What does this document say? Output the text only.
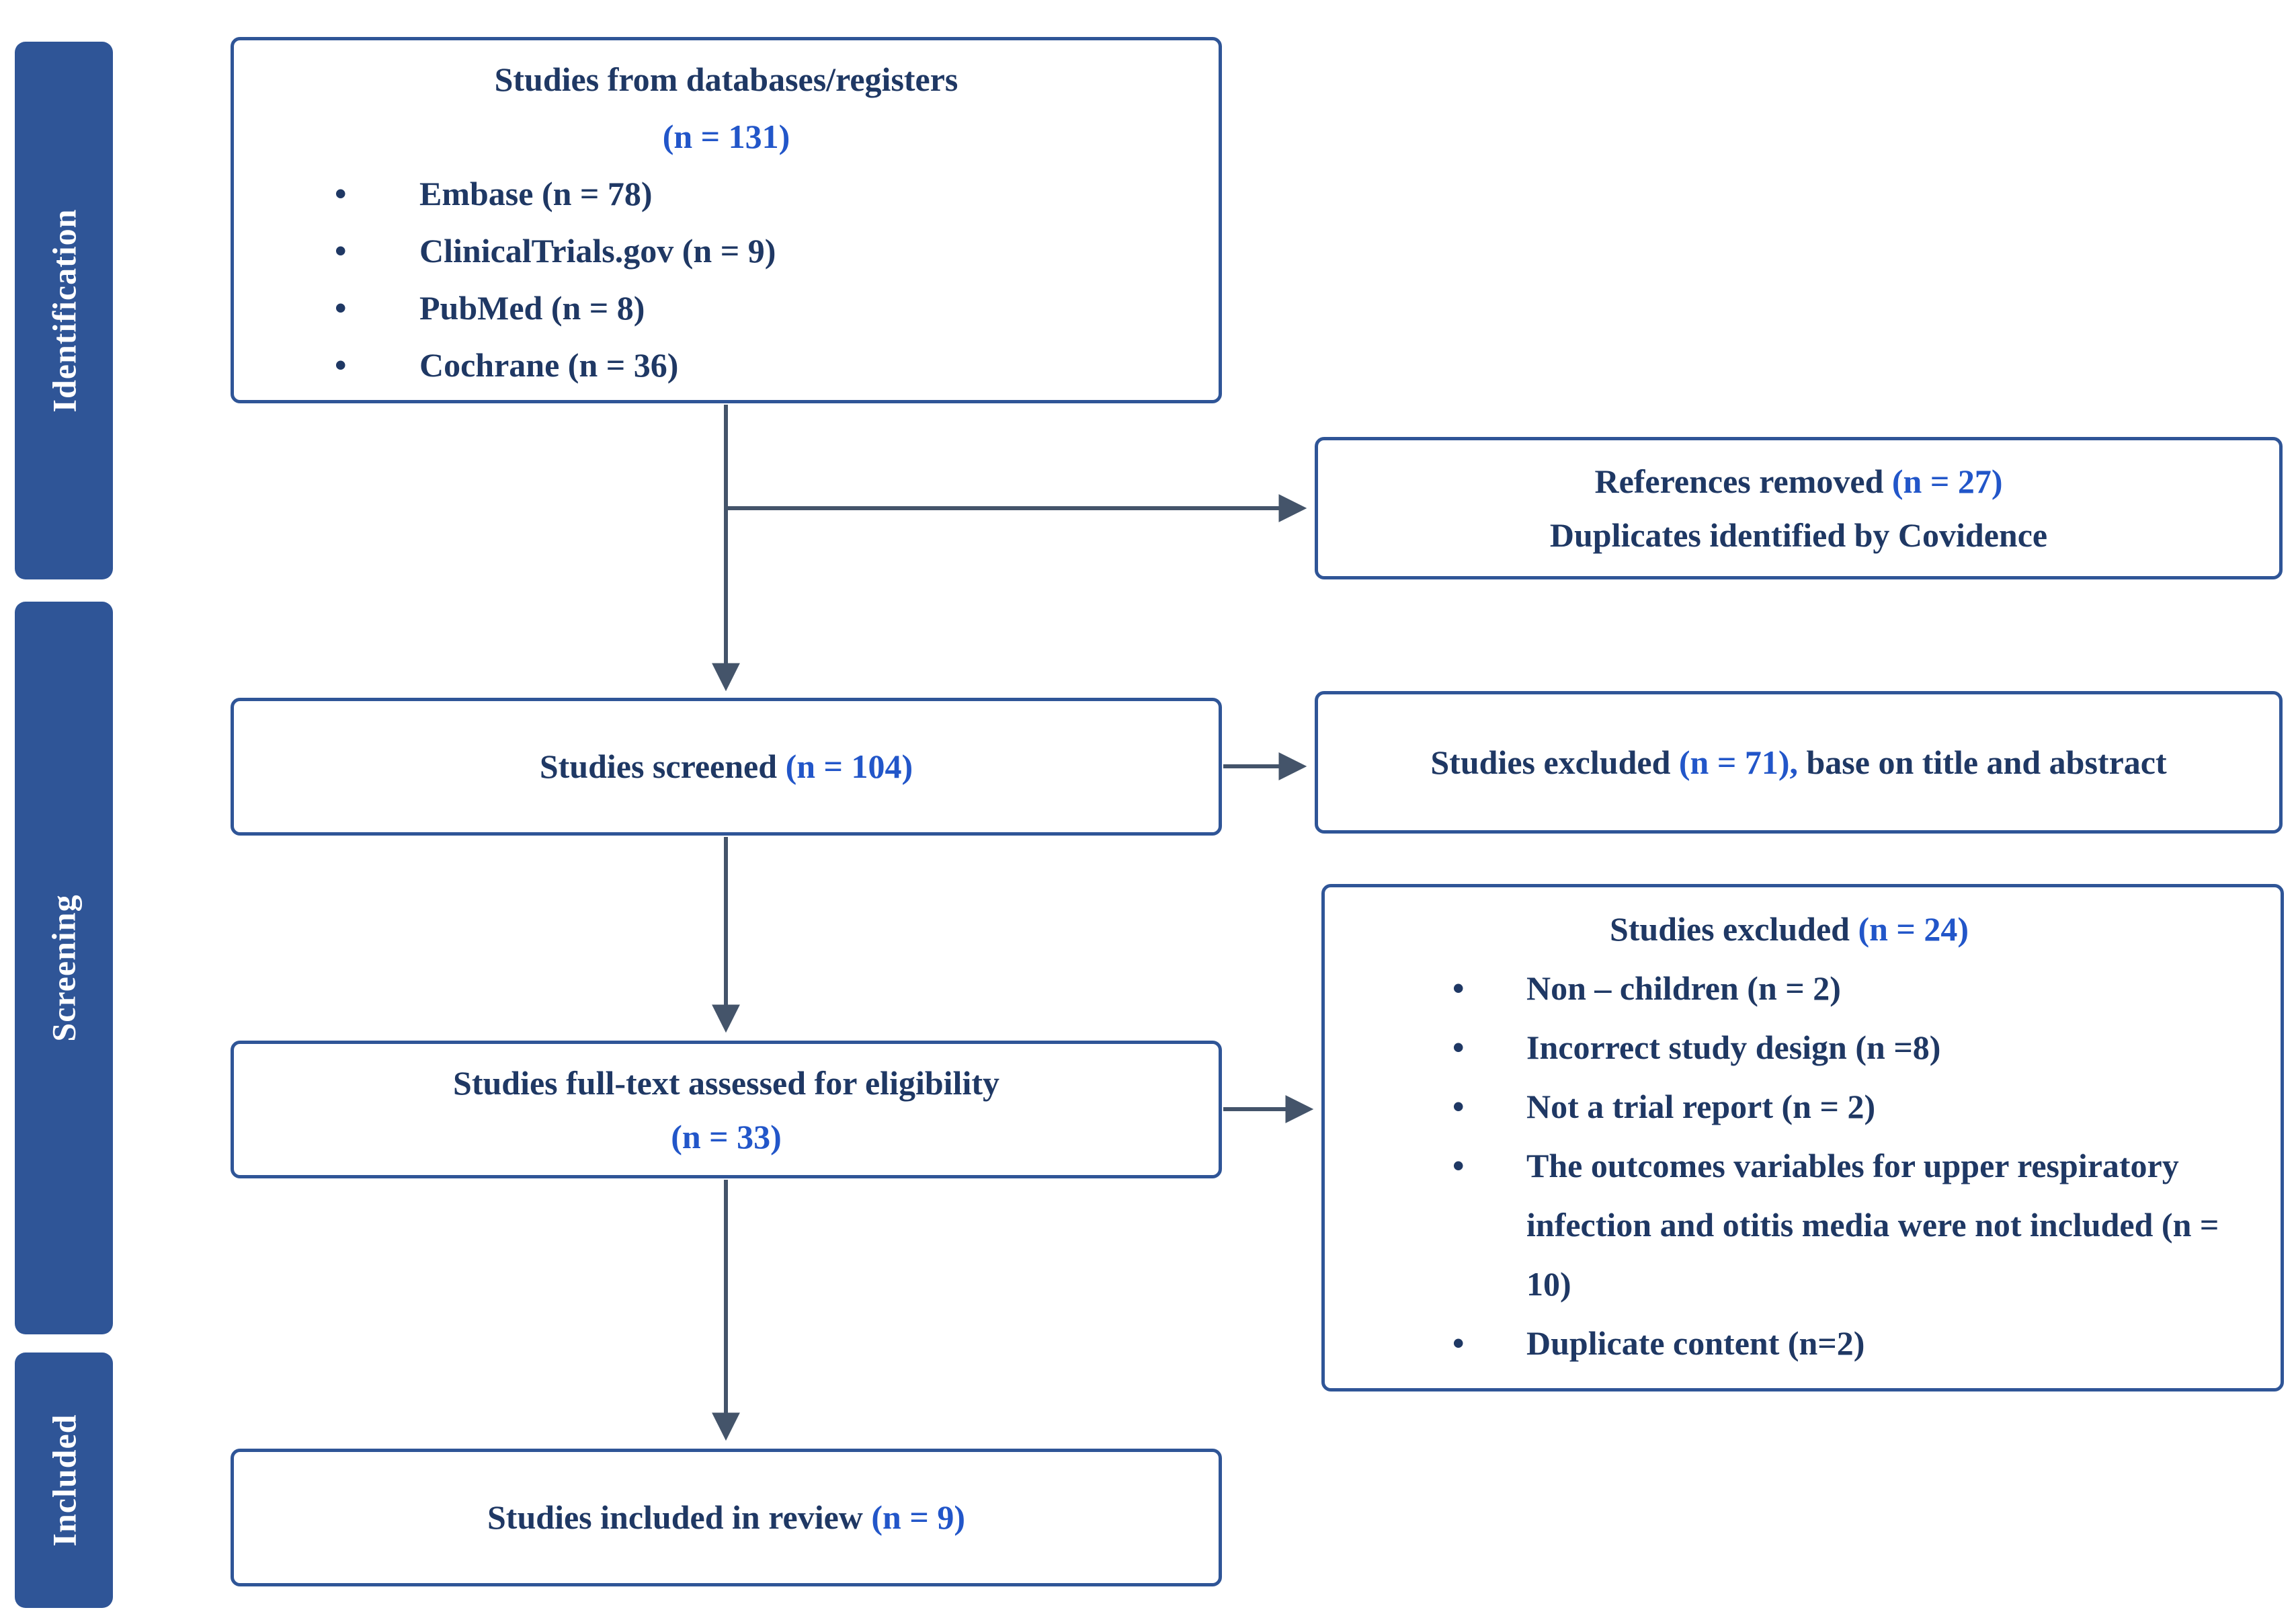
Identification
Screening
Included
Studies from databases/registers
(n = 131)
• Embase (n = 78)
• ClinicalTrials.gov (n = 9)
• PubMed (n = 8)
• Cochrane (n = 36)
References removed (n = 27)
Duplicates identified by Covidence
Studies screened (n = 104)	Studies excluded (n = 71), base on title and abstract
Studies full-text assessed for eligibility
(n = 33)
Studies excluded (n = 24)
• Non – children (n = 2)
• Incorrect study design (n =8)
• Not a trial report (n = 2)
• The outcomes variables for upper respiratory infection and otitis media were not included (n = 10)
• Duplicate content (n=2)
Studies included in review (n = 9)
